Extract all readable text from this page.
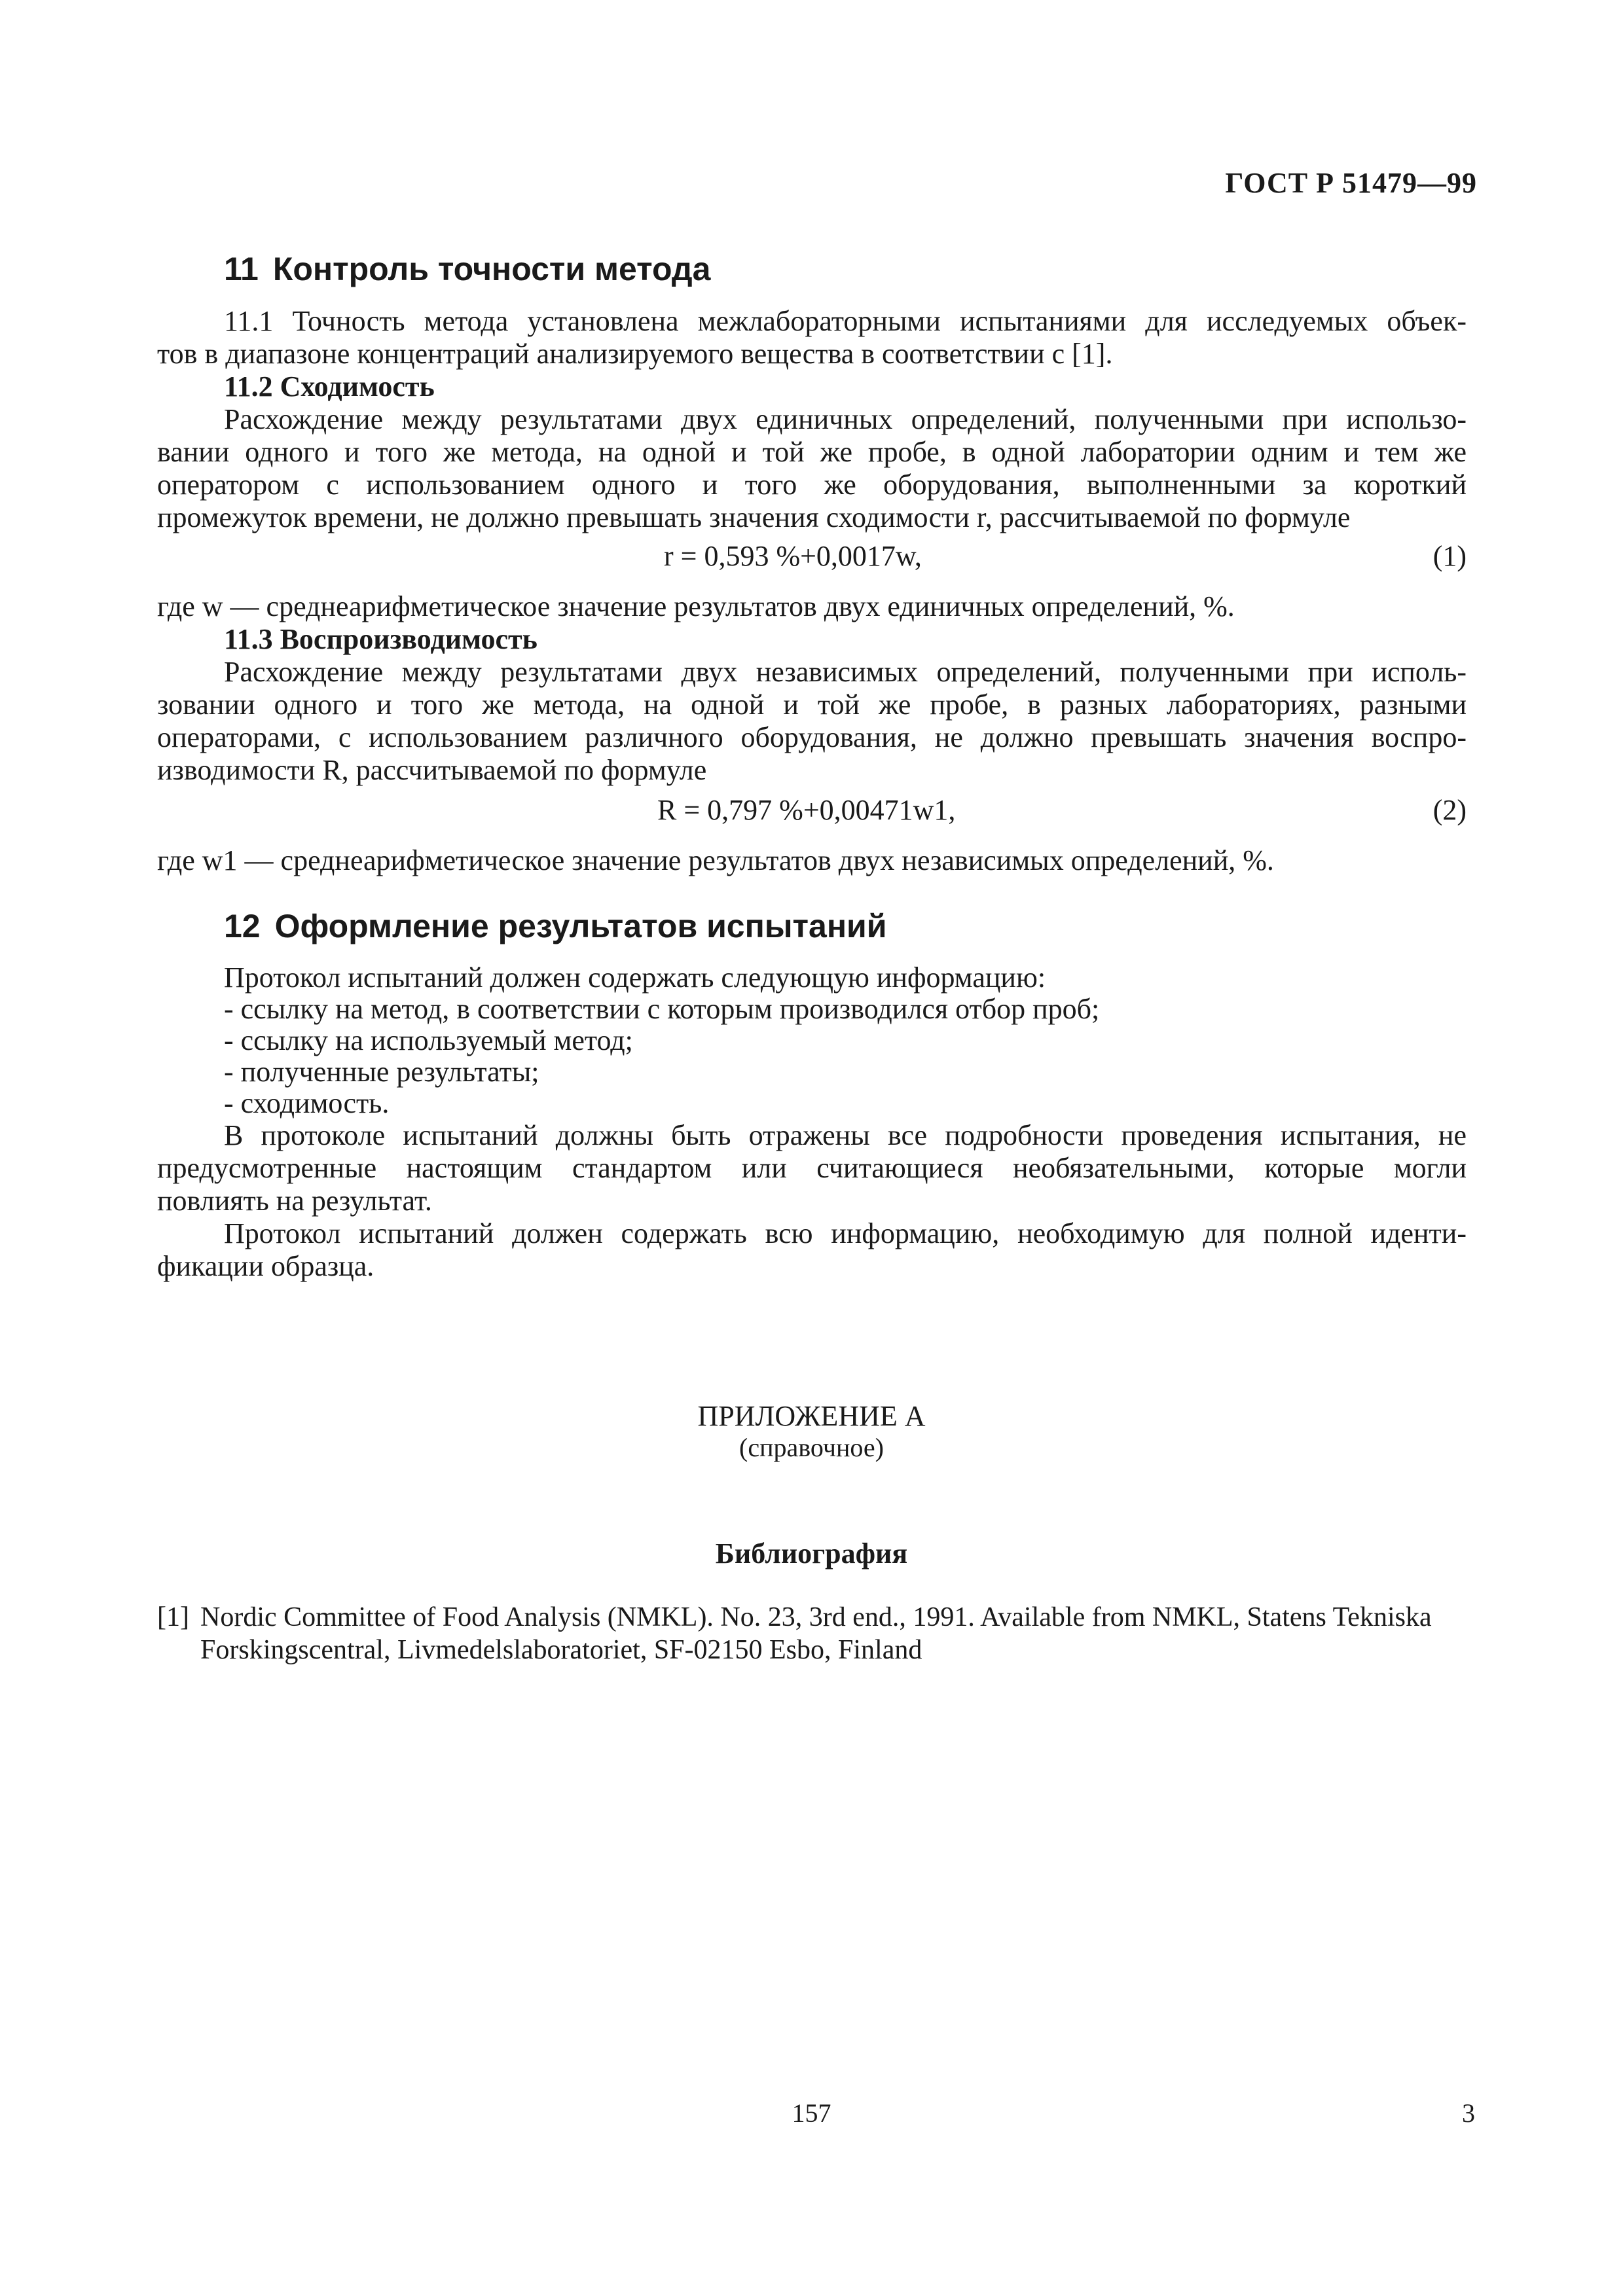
ГОСТ Р 51479—99
11 Контроль точности метода
11.1 Точность метода установлена межлабораторными испытаниями для исследуемых объек-
тов в диапазоне концентраций анализируемого вещества в соответствии с [1].
11.2 Сходимость
Расхождение между результатами двух единичных определений, полученными при использо-
вании одного и того же метода, на одной и той же пробе, в одной лаборатории одним и тем же
оператором с использованием одного и того же оборудования, выполненными за короткий
промежуток времени, не должно превышать значения сходимости r, рассчитываемой по формуле
r = 0,593 %+0,0017w,	(1)
где w — среднеарифметическое значение результатов двух единичных определений, %.
11.3 Воспроизводимость
Расхождение между результатами двух независимых определений, полученными при исполь-
зовании одного и того же метода, на одной и той же пробе, в разных лабораториях, разными
операторами, с использованием различного оборудования, не должно превышать значения воспро-
изводимости R, рассчитываемой по формуле
R = 0,797 %+0,00471w1,	(2)
где w1 — среднеарифметическое значение результатов двух независимых определений, %.
12 Оформление результатов испытаний
Протокол испытаний должен содержать следующую информацию:
- ссылку на метод, в соответствии с которым производился отбор проб;
- ссылку на используемый метод;
- полученные результаты;
- сходимость.
В протоколе испытаний должны быть отражены все подробности проведения испытания, не
предусмотренные настоящим стандартом или считающиеся необязательными, которые могли
повлиять на результат.
Протокол испытаний должен содержать всю информацию, необходимую для полной иденти-
фикации образца.
ПРИЛОЖЕНИЕ А
(справочное)
Библиография
[1] Nordic Committee of Food Analysis (NMKL). No. 23, 3rd end., 1991. Available from NMKL, Statens Tekniska
Forskingscentral, Livmedelslaboratoriet, SF-02150 Esbo, Finland
157	3
